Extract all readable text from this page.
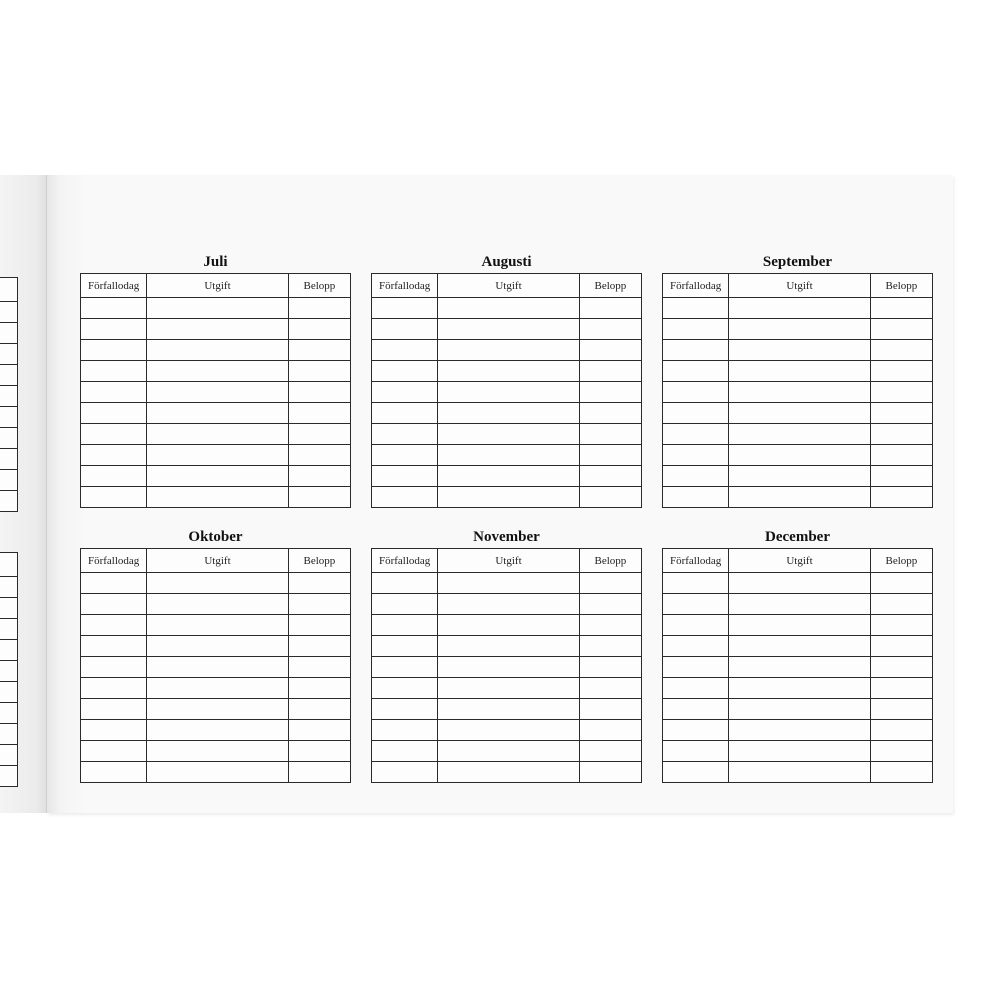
Juli
Förfallodag	Utgift	Belopp

Augusti
Förfallodag	Utgift	Belopp

September
Förfallodag	Utgift	Belopp

Oktober
Förfallodag	Utgift	Belopp

November
Förfallodag	Utgift	Belopp

December
Förfallodag	Utgift	Belopp
